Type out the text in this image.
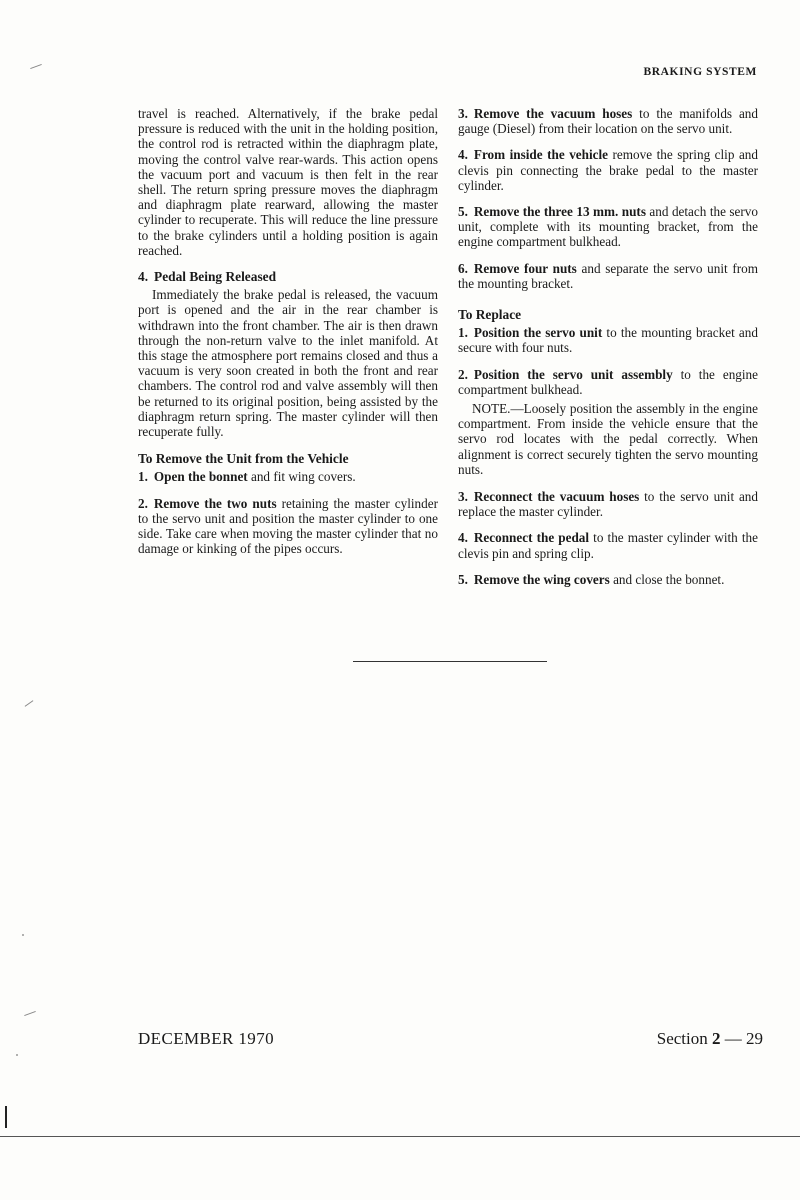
BRAKING SYSTEM

travel is reached. Alternatively, if the brake pedal pressure is reduced with the unit in the holding position, the control rod is retracted within the diaphragm plate, moving the control valve rear-wards. This action opens the vacuum port and vacuum is then felt in the rear shell. The return spring pressure moves the diaphragm and diaphragm plate rearward, allowing the master cylinder to recuperate. This will reduce the line pressure to the brake cylinders until a holding position is again reached.

4. Pedal Being Released

Immediately the brake pedal is released, the vacuum port is opened and the air in the rear chamber is withdrawn into the front chamber. The air is then drawn through the non-return valve to the inlet manifold. At this stage the atmosphere port remains closed and thus a vacuum is very soon created in both the front and rear chambers. The control rod and valve assembly will then be returned to its original position, being assisted by the diaphragm return spring. The master cylinder will then recuperate fully.

To Remove the Unit from the Vehicle

1. Open the bonnet and fit wing covers.

2. Remove the two nuts retaining the master cylinder to the servo unit and position the master cylinder to one side. Take care when moving the master cylinder that no damage or kinking of the pipes occurs.

3. Remove the vacuum hoses to the manifolds and gauge (Diesel) from their location on the servo unit.

4. From inside the vehicle remove the spring clip and clevis pin connecting the brake pedal to the master cylinder.

5. Remove the three 13 mm. nuts and detach the servo unit, complete with its mounting bracket, from the engine compartment bulkhead.

6. Remove four nuts and separate the servo unit from the mounting bracket.

To Replace

1. Position the servo unit to the mounting bracket and secure with four nuts.

2. Position the servo unit assembly to the engine compartment bulkhead.

NOTE.—Loosely position the assembly in the engine compartment. From inside the vehicle ensure that the servo rod locates with the pedal correctly. When alignment is correct securely tighten the servo mounting nuts.

3. Reconnect the vacuum hoses to the servo unit and replace the master cylinder.

4. Reconnect the pedal to the master cylinder with the clevis pin and spring clip.

5. Remove the wing covers and close the bonnet.

DECEMBER 1970	Section 2 — 29
